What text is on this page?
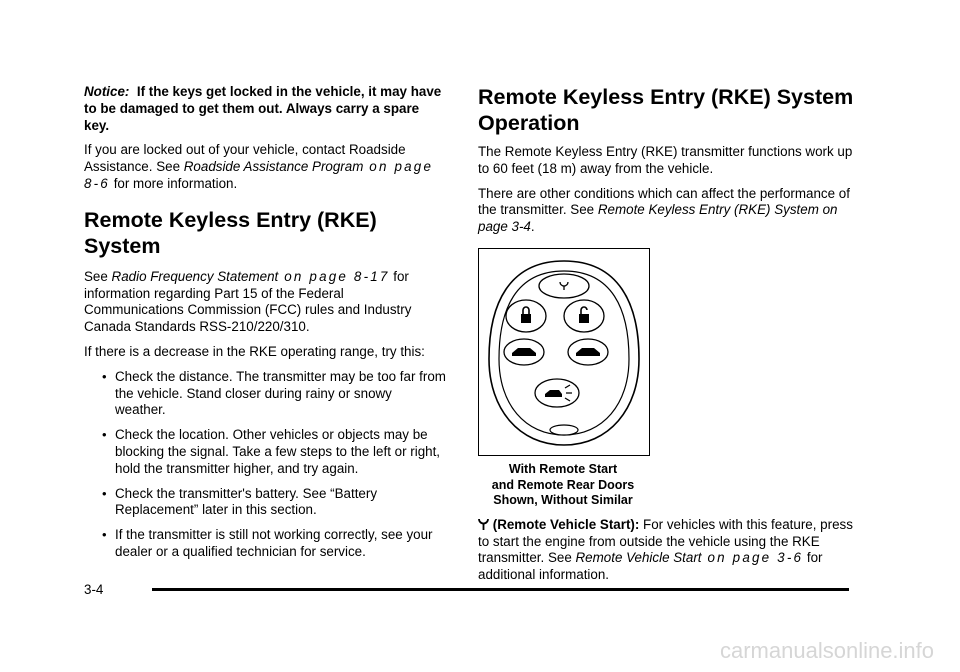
Notice: If the keys get locked in the vehicle, it may have to be damaged to get them out. Always carry a spare key.

If you are locked out of your vehicle, contact Roadside Assistance. See Roadside Assistance Program on page 8‑6 for more information.

Remote Keyless Entry (RKE) System

See Radio Frequency Statement on page 8‑17 for information regarding Part 15 of the Federal Communications Commission (FCC) rules and Industry Canada Standards RSS‑210/220/310.

If there is a decrease in the RKE operating range, try this:

• Check the distance. The transmitter may be too far from the vehicle. Stand closer during rainy or snowy weather.
• Check the location. Other vehicles or objects may be blocking the signal. Take a few steps to the left or right, hold the transmitter higher, and try again.
• Check the transmitter's battery. See “Battery Replacement” later in this section.
• If the transmitter is still not working correctly, see your dealer or a qualified technician for service.
Remote Keyless Entry (RKE) System Operation

The Remote Keyless Entry (RKE) transmitter functions work up to 60 feet (18 m) away from the vehicle.

There are other conditions which can affect the performance of the transmitter. See Remote Keyless Entry (RKE) System on page 3‑4.

With Remote Start
and Remote Rear Doors
Shown, Without Similar

(Remote Vehicle Start): For vehicles with this feature, press to start the engine from outside the vehicle using the RKE transmitter. See Remote Vehicle Start on page 3‑6 for additional information.

3-4
carmanualsonline.info
